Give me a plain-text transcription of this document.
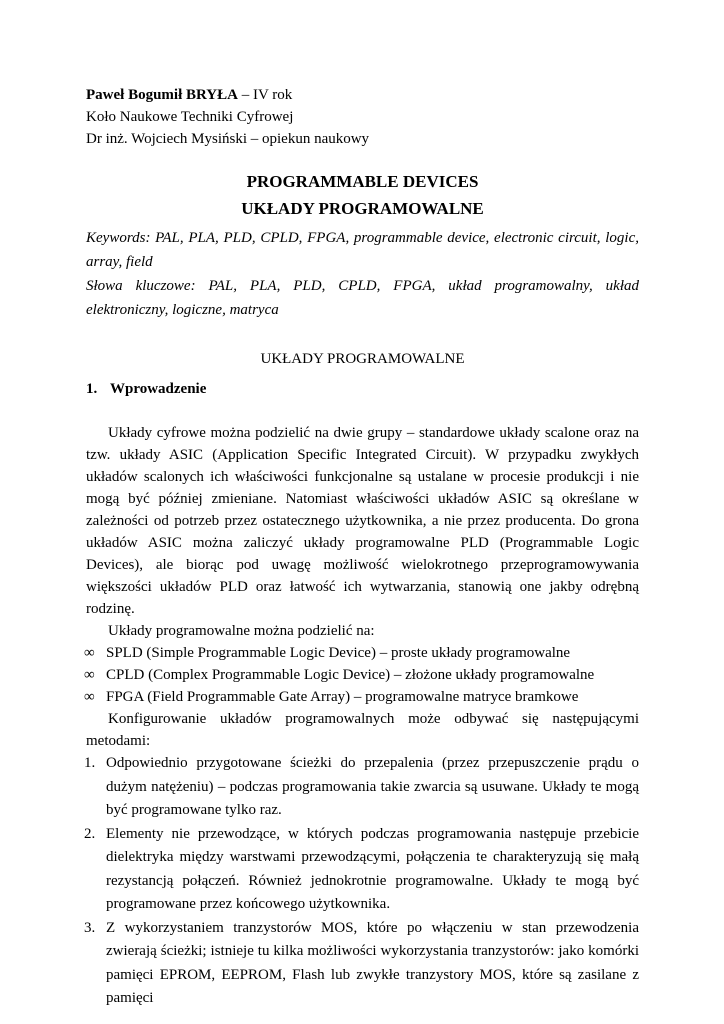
Paweł Bogumił BRYŁA – IV rok
Koło Naukowe Techniki Cyfrowej
Dr inż. Wojciech Mysiński – opiekun naukowy
PROGRAMMABLE DEVICES
UKŁADY PROGRAMOWALNE

Keywords: PAL, PLA, PLD, CPLD, FPGA, programmable device, electronic circuit, logic, array, field

Słowa kluczowe: PAL, PLA, PLD, CPLD, FPGA, układ programowalny, układ elektroniczny, logiczne, matryca

UKŁADY PROGRAMOWALNE
1. Wprowadzenie

Układy cyfrowe można podzielić na dwie grupy – standardowe układy scalone oraz na tzw. układy ASIC (Application Specific Integrated Circuit). W przypadku zwykłych układów scalonych ich właściwości funkcjonalne są ustalane w procesie produkcji i nie mogą być później zmieniane. Natomiast właściwości układów ASIC są określane w zależności od potrzeb przez ostatecznego użytkownika, a nie przez producenta. Do grona układów ASIC można zaliczyć układy programowalne PLD (Programmable Logic Devices), ale biorąc pod uwagę możliwość wielokrotnego przeprogramowywania większości układów PLD oraz łatwość ich wytwarzania, stanowią one jakby odrębną rodzinę.

Układy programowalne można podzielić na:

∞ SPLD (Simple Programmable Logic Device) – proste układy programowalne
∞ CPLD (Complex Programmable Logic Device) – złożone układy programowalne
∞ FPGA (Field Programmable Gate Array) – programowalne matryce bramkowe

Konfigurowanie układów programowalnych może odbywać się następującymi metodami:

1. Odpowiednio przygotowane ścieżki do przepalenia (przez przepuszczenie prądu o dużym natężeniu) – podczas programowania takie zwarcia są usuwane. Układy te mogą być programowane tylko raz.
2. Elementy nie przewodzące, w których podczas programowania następuje przebicie dielektryka między warstwami przewodzącymi, połączenia te charakteryzują się małą rezystancją połączeń. Również jednokrotnie programowalne. Układy te mogą być programowane przez końcowego użytkownika.
3. Z wykorzystaniem tranzystorów MOS, które po włączeniu w stan przewodzenia zwierają ścieżki; istnieje tu kilka możliwości wykorzystania tranzystorów: jako komórki pamięci EPROM, EEPROM, Flash lub zwykłe tranzystory MOS, które są zasilane z pamięci
